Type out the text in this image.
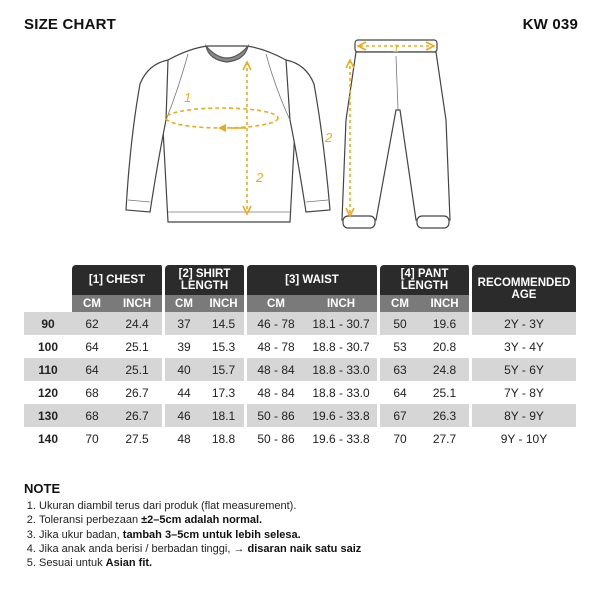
SIZE CHART	KW 039
1
2
1
2
	[1] CHEST		[2] SHIRT LENGTH		[3] WAIST		[4] PANT LENGTH		RECOMMENDED AGE
	CM	INCH	CM	INCH	CM	INCH	CM	INCH	
90	62	24.4	37	14.5	46 - 78	18.1 - 30.7	50	19.6	2Y - 3Y
100	64	25.1	39	15.3	48 - 78	18.8 - 30.7	53	20.8	3Y - 4Y
110	64	25.1	40	15.7	48 - 84	18.8 - 33.0	63	24.8	5Y - 6Y
120	68	26.7	44	17.3	48 - 84	18.8 - 33.0	64	25.1	7Y - 8Y
130	68	26.7	46	18.1	50 - 86	19.6 - 33.8	67	26.3	8Y - 9Y
140	70	27.5	48	18.8	50 - 86	19.6 - 33.8	70	27.7	9Y - 10Y
NOTE
1. Ukuran diambil terus dari produk (flat measurement).
2. Toleransi perbezaan ±2–5cm adalah normal.
3. Jika ukur badan, tambah 3–5cm untuk lebih selesa.
4. Jika anak anda berisi / berbadan tinggi, → disaran naik satu saiz
5. Sesuai untuk Asian fit.
